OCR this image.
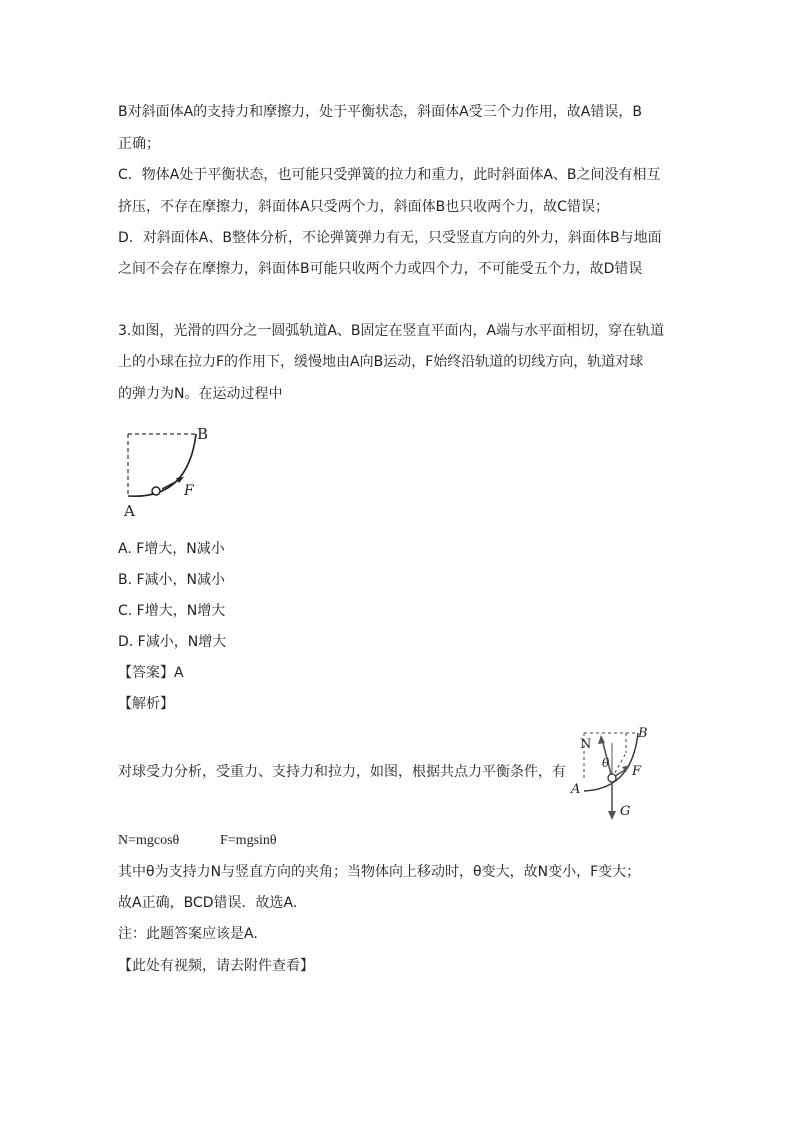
B对斜面体A的支持力和摩擦力，处于平衡状态，斜面体A受三个力作用，故A错误，B
正确；
C．物体A处于平衡状态，也可能只受弹簧的拉力和重力，此时斜面体A、B之间没有相互
挤压，不存在摩擦力，斜面体A只受两个力，斜面体B也只收两个力，故C错误；
D．对斜面体A、B整体分析，不论弹簧弹力有无，只受竖直方向的外力，斜面体B与地面
之间不会存在摩擦力，斜面体B可能只收两个力或四个力，不可能受五个力，故D错误
3.如图，光滑的四分之一圆弧轨道A、B固定在竖直平面内，A端与水平面相切，穿在轨道
上的小球在拉力F的作用下，缓慢地由A向B运动，F始终沿轨道的切线方向，轨道对球
的弹力为N。在运动过程中
B
F
A
A. F增大，N减小
B. F减小，N减小
C. F增大，N增大
D. F减小，N增大
【答案】A
【解析】
对球受力分析，受重力、支持力和拉力，如图，根据共点力平衡条件，有
N
θ
B
F
A
G
N=mgcosθ	F=mgsinθ
其中θ为支持力N与竖直方向的夹角；当物体向上移动时，θ变大，故N变小，F变大；
故A正确，BCD错误．故选A.
注：此题答案应该是A.
【此处有视频，请去附件查看】
